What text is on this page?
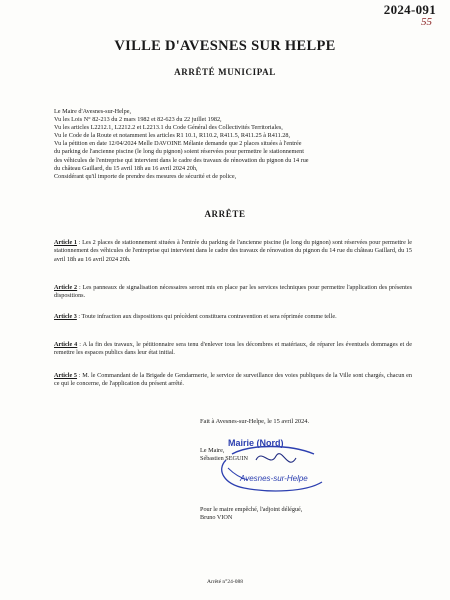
2024-091
55
VILLE D'AVESNES SUR HELPE
ARRÊTÉ MUNICIPAL
Le Maire d'Avesnes-sur-Helpe,
Vu les Lois N° 82-213 du 2 mars 1982 et 82-623 du 22 juillet 1982,
Vu les articles L2212.1, L2212.2 et L2213.1 du Code Général des Collectivités Territoriales,
Vu le Code de la Route et notamment les articles R1 10.1, R110.2, R411.5, R411.25 à R411.28,
Vu la pétition en date 12/04/2024 Melle DAVOINE Mélanie demande que 2 places situées à l'entrée
du parking de l'ancienne piscine (le long du pignon) soient réservées pour permettre le stationnement
des véhicules de l'entreprise qui intervient dans le cadre des travaux de rénovation du pignon du 14 rue
du château Gaillard, du 15 avril 18h au 16 avril 2024 20h,
Considérant qu'il importe de prendre des mesures de sécurité et de police,
ARRÊTE
Article 1 : Les 2 places de stationnement situées à l'entrée du parking de l'ancienne piscine (le long du pignon) sont réservées pour permettre le stationnement des véhicules de l'entreprise qui intervient dans le cadre des travaux de rénovation du pignon du 14 rue du château Gaillard, du 15 avril 18h au 16 avril 2024 20h.
Article 2 : Les panneaux de signalisation nécessaires seront mis en place par les services techniques pour permettre l'application des présentes dispositions.
Article 3 : Toute infraction aux dispositions qui précèdent constituera contravention et sera réprimée comme telle.
Article 4 : A la fin des travaux, le pétitionnaire sera tenu d'enlever tous les décombres et matériaux, de réparer les éventuels dommages et de remettre les espaces publics dans leur état initial.
Article 5 : M. le Commandant de la Brigade de Gendarmerie, le service de surveillance des voies publiques de la Ville sont chargés, chacun en ce qui le concerne, de l'application du présent arrêté.
Fait à Avesnes-sur-Helpe, le 15 avril 2024.
Mairie (Nord)
Avesnes-sur-Helpe
Le Maire,
Sébastien SEGUIN
Pour le maire empêché, l'adjoint délégué,
Bruno VION
Arrêté n°24-088
